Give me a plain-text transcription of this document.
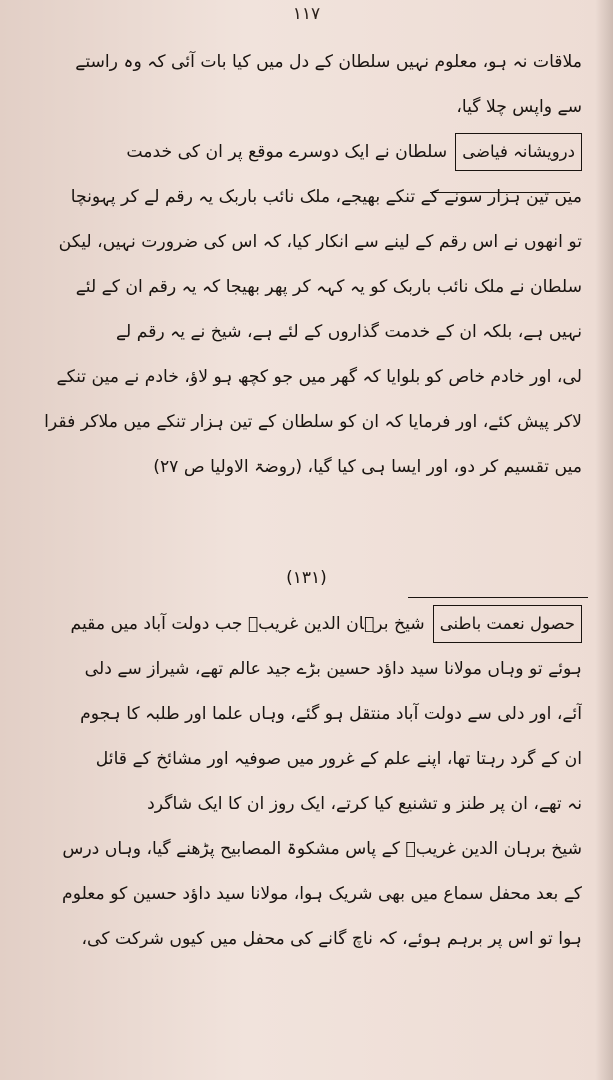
۱۱۷
ملاقات نہ ہو، معلوم نہیں سلطان کے دل میں کیا بات آئی کہ وہ راستے
سے واپس چلا گیا،
درویشانہ فیاضیسلطان نے ایک دوسرے موقع پر ان کی خدمت
میں تین ہزار سونے کے تنکے بھیجے، ملک نائب باربک یہ رقم لے کر پہونچا
تو انھوں نے اس رقم کے لینے سے انکار کیا، کہ اس کی ضرورت نہیں، لیکن
سلطان نے ملک نائب باربک کو یہ کہہ کر پھر بھیجا کہ یہ رقم ان کے لئے
نہیں ہے، بلکہ ان کے خدمت گذاروں کے لئے ہے، شیخ نے یہ رقم لے
لی، اور خادم خاص کو بلوایا کہ گھر میں جو کچھ ہو لاؤ، خادم نے مین تنکے
لاکر پیش کئے، اور فرمایا کہ ان کو سلطان کے تین ہزار تنکے میں ملاکر فقرا
میں تقسیم کر دو، اور ایسا ہی کیا گیا، (روضۃ الاولیا ص ۲۷)
(۱۳۱)
حصول نعمت باطنیشیخ برہان الدین غریبؒ جب دولت آباد میں مقیم
ہوئے تو وہاں مولانا سید داؤد حسین بڑے جید عالم تھے، شیراز سے دلی
آئے، اور دلی سے دولت آباد منتقل ہو گئے، وہاں علما اور طلبہ کا ہجوم
ان کے گرد رہتا تھا، اپنے علم کے غرور میں صوفیہ اور مشائخ کے قائل
نہ تھے، ان پر طنز و تشنیع کیا کرتے، ایک روز ان کا ایک شاگرد
شیخ برہان الدین غریبؒ کے پاس مشکوۃ المصابیح پڑھنے گیا، وہاں درس
کے بعد محفل سماع میں بھی شریک ہوا، مولانا سید داؤد حسین کو معلوم
ہوا تو اس پر برہم ہوئے، کہ ناچ گانے کی محفل میں کیوں شرکت کی،
